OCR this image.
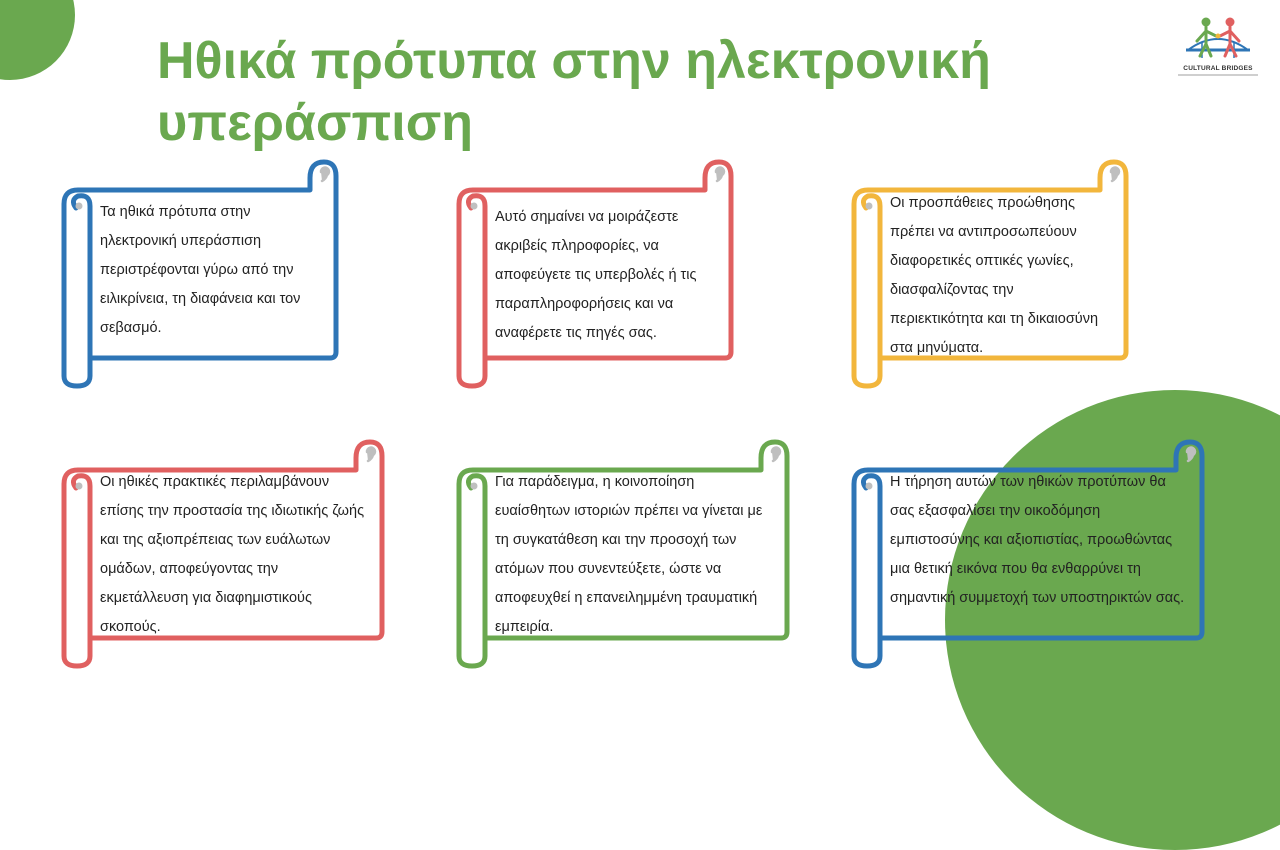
Ηθικά πρότυπα στην ηλεκτρονική υπεράσπιση
CULTURAL BRIDGES

Τα ηθικά πρότυπα στην ηλεκτρονική υπεράσπιση περιστρέφονται γύρω από την ειλικρίνεια, τη διαφάνεια και τον σεβασμό.

Αυτό σημαίνει να μοιράζεστε ακριβείς πληροφορίες, να αποφεύγετε τις υπερβολές ή τις παραπληροφορήσεις και να αναφέρετε τις πηγές σας.

Οι προσπάθειες προώθησης πρέπει να αντιπροσωπεύουν διαφορετικές οπτικές γωνίες, διασφαλίζοντας την περιεκτικότητα και τη δικαιοσύνη στα μηνύματα.

Οι ηθικές πρακτικές περιλαμβάνουν επίσης την προστασία της ιδιωτικής ζωής και της αξιοπρέπειας των ευάλωτων ομάδων, αποφεύγοντας την εκμετάλλευση για διαφημιστικούς σκοπούς.

Για παράδειγμα, η κοινοποίηση ευαίσθητων ιστοριών πρέπει να γίνεται με τη συγκατάθεση και την προσοχή των ατόμων που συνεντεύξετε, ώστε να αποφευχθεί η επανειλημμένη τραυματική εμπειρία.

Η τήρηση αυτών των ηθικών προτύπων θα σας εξασφαλίσει την οικοδόμηση εμπιστοσύνης και αξιοπιστίας, προωθώντας μια θετική εικόνα που θα ενθαρρύνει τη σημαντική συμμετοχή των υποστηρικτών σας.
